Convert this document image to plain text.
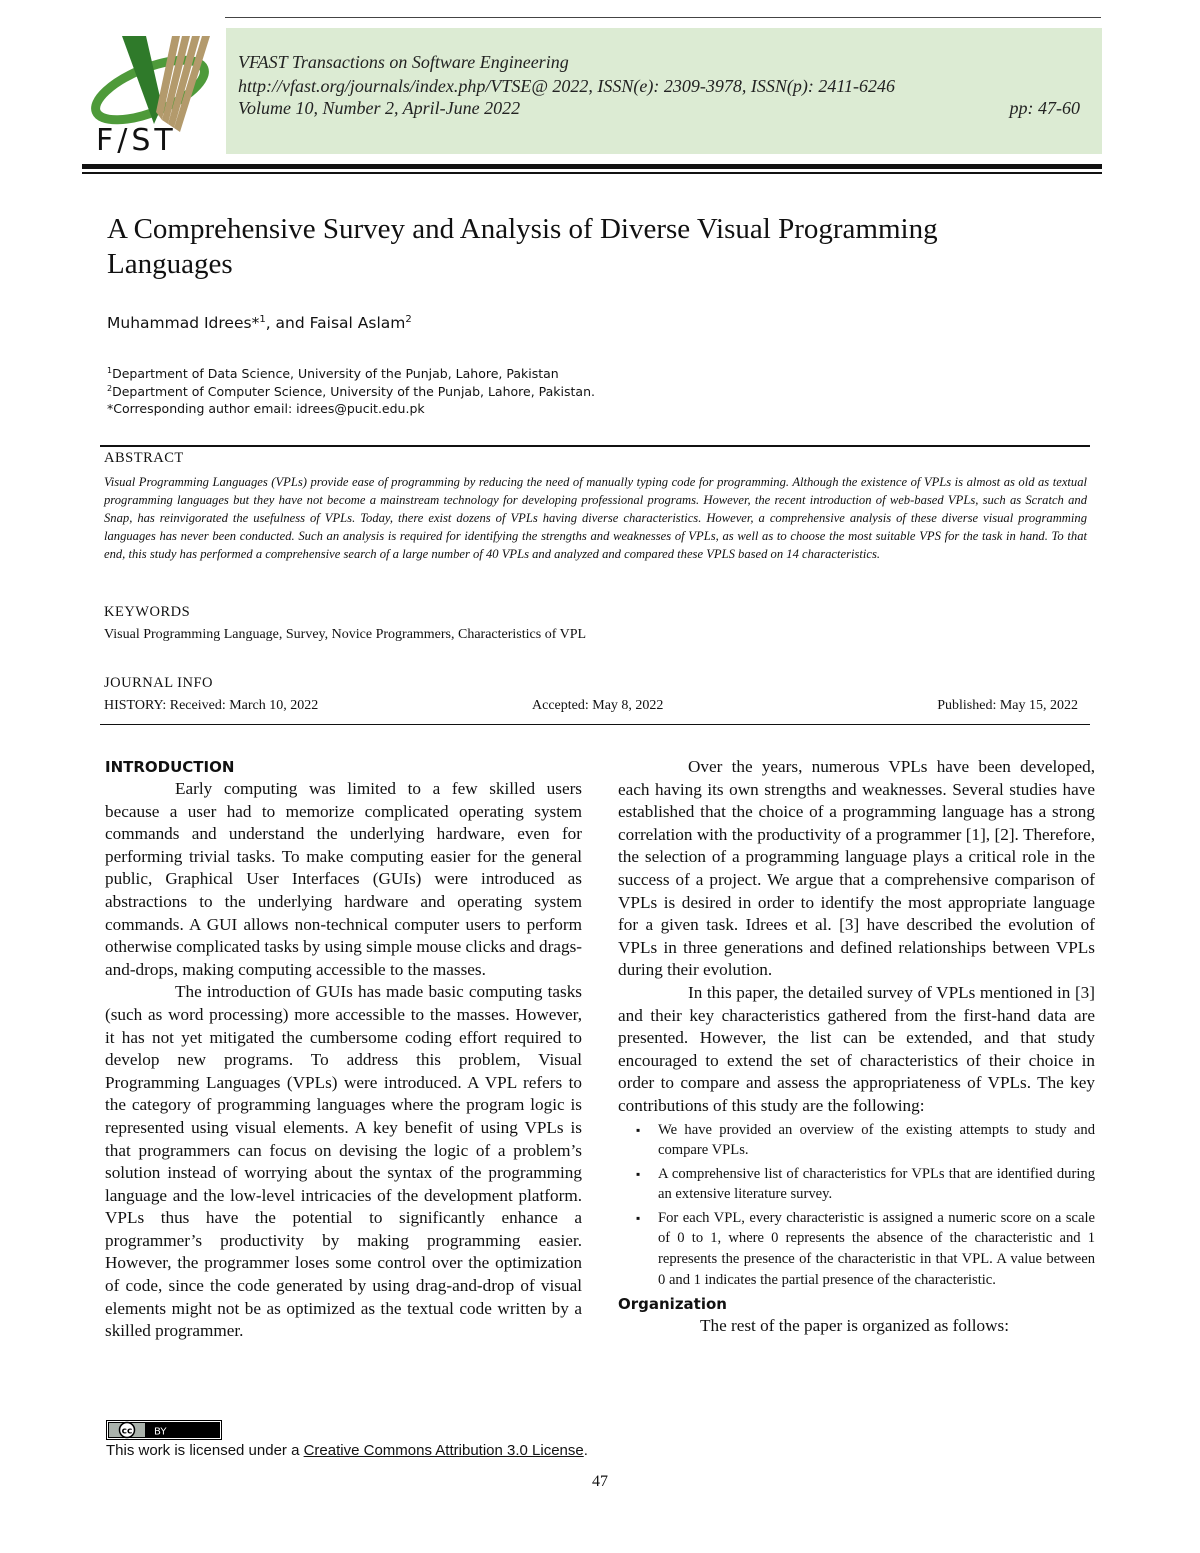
F/ST
VFAST Transactions on Software Engineering
http://vfast.org/journals/index.php/VTSE@ 2022, ISSN(e): 2309-3978, ISSN(p): 2411-6246
Volume 10, Number 2, April-June 2022	pp: 47-60
A Comprehensive Survey and Analysis of Diverse Visual Programming Languages
Muhammad Idrees*$^1$, and Faisal Aslam$^2$
$^1$Department of Data Science, University of the Punjab, Lahore, Pakistan
$^2$Department of Computer Science, University of the Punjab, Lahore, Pakistan.
*Corresponding author email: idrees@pucit.edu.pk
ABSTRACT
Visual Programming Languages (VPLs) provide ease of programming by reducing the need of manually typing code for programming. Although the existence of VPLs is almost as old as textual programming languages but they have not become a mainstream technology for developing professional programs. However, the recent introduction of web-based VPLs, such as Scratch and Snap, has reinvigorated the usefulness of VPLs. Today, there exist dozens of VPLs having diverse characteristics. However, a comprehensive analysis of these diverse visual programming languages has never been conducted. Such an analysis is required for identifying the strengths and weaknesses of VPLs, as well as to choose the most suitable VPS for the task in hand. To that end, this study has performed a comprehensive search of a large number of 40 VPLs and analyzed and compared these VPLS based on 14 characteristics.
KEYWORDS
Visual Programming Language, Survey, Novice Programmers, Characteristics of VPL
JOURNAL INFO
HISTORY: Received: March 10, 2022	Accepted: May 8, 2022	Published: May 15, 2022
INTRODUCTION

Early computing was limited to a few skilled users because a user had to memorize complicated operating system commands and understand the underlying hardware, even for performing trivial tasks. To make computing easier for the general public, Graphical User Interfaces (GUIs) were introduced as abstractions to the underlying hardware and operating system commands. A GUI allows non-technical computer users to perform otherwise complicated tasks by using simple mouse clicks and drags-and-drops, making computing accessible to the masses.

The introduction of GUIs has made basic computing tasks (such as word processing) more accessible to the masses. However, it has not yet mitigated the cumbersome coding effort required to develop new programs. To address this problem, Visual Programming Languages (VPLs) were introduced. A VPL refers to the category of programming languages where the program logic is represented using visual elements. A key benefit of using VPLs is that programmers can focus on devising the logic of a problem’s solution instead of worrying about the syntax of the programming language and the low-level intricacies of the development platform. VPLs thus have the potential to significantly enhance a programmer’s productivity by making programming easier. However, the programmer loses some control over the optimization of code, since the code generated by using drag-and-drop of visual elements might not be as optimized as the textual code written by a skilled programmer.

Over the years, numerous VPLs have been developed, each having its own strengths and weaknesses. Several studies have established that the choice of a programming language has a strong correlation with the productivity of a programmer [1], [2]. Therefore, the selection of a programming language plays a critical role in the success of a project. We argue that a comprehensive comparison of VPLs is desired in order to identify the most appropriate language for a given task. Idrees et al. [3] have described the evolution of VPLs in three generations and defined relationships between VPLs during their evolution.

In this paper, the detailed survey of VPLs mentioned in [3] and their key characteristics gathered from the first-hand data are presented. However, the list can be extended, and that study encouraged to extend the set of characteristics of their choice in order to compare and assess the appropriateness of VPLs. The key contributions of this study are the following:

▪ We have provided an overview of the existing attempts to study and compare VPLs.
▪ A comprehensive list of characteristics for VPLs that are identified during an extensive literature survey.
▪ For each VPL, every characteristic is assigned a numeric score on a scale of 0 to 1, where 0 represents the absence of the characteristic and 1 represents the presence of the characteristic in that VPL. A value between 0 and 1 indicates the partial presence of the characteristic.
Organization

The rest of the paper is organized as follows:

cc BY
This work is licensed under a Creative Commons Attribution 3.0 License.
47
